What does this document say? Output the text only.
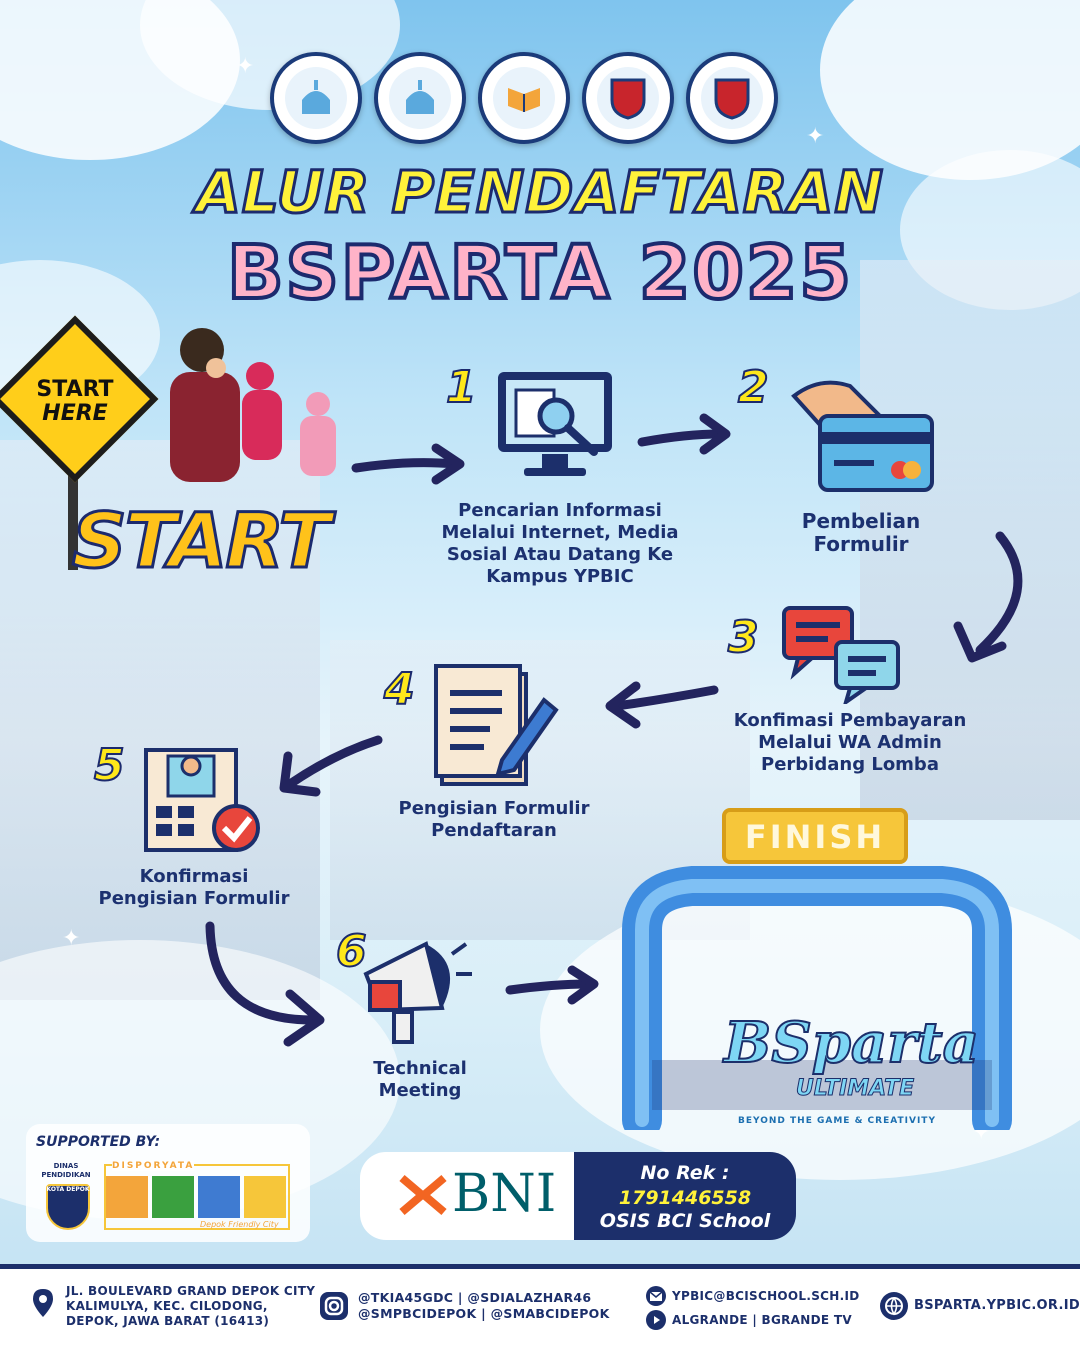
✦
✦
✦
✦
ALUR PENDAFTARAN
BSPARTA 2025
START
HERE
START
1
Pencarian Informasi Melalui Internet, Media Sosial Atau Datang Ke Kampus YPBIC
2
Pembelian Formulir
3
Konfimasi Pembayaran Melalui WA Admin Perbidang Lomba
4
Pengisian Formulir Pendaftaran
5
Konfirmasi Pengisian Formulir
6
Technical Meeting
FINISH
BSparta
ULTIMATE
BEYOND THE GAME & CREATIVITY
SUPPORTED BY:
DINAS PENDIDIKAN
KOTA DEPOK
DISPORYATA
Depok Friendly City
BNI	No Rek :
1791446558
OSIS BCI School
JL. BOULEVARD GRAND DEPOK CITY
KALIMULYA, KEC. CILODONG,
DEPOK, JAWA BARAT (16413)
@TKIA45GDC | @SDIALAZHAR46
@SMPBCIDEPOK | @SMABCIDEPOK
YPBIC@BCISCHOOL.SCH.ID
ALGRANDE | BGRANDE TV
BSPARTA.YPBIC.OR.ID
